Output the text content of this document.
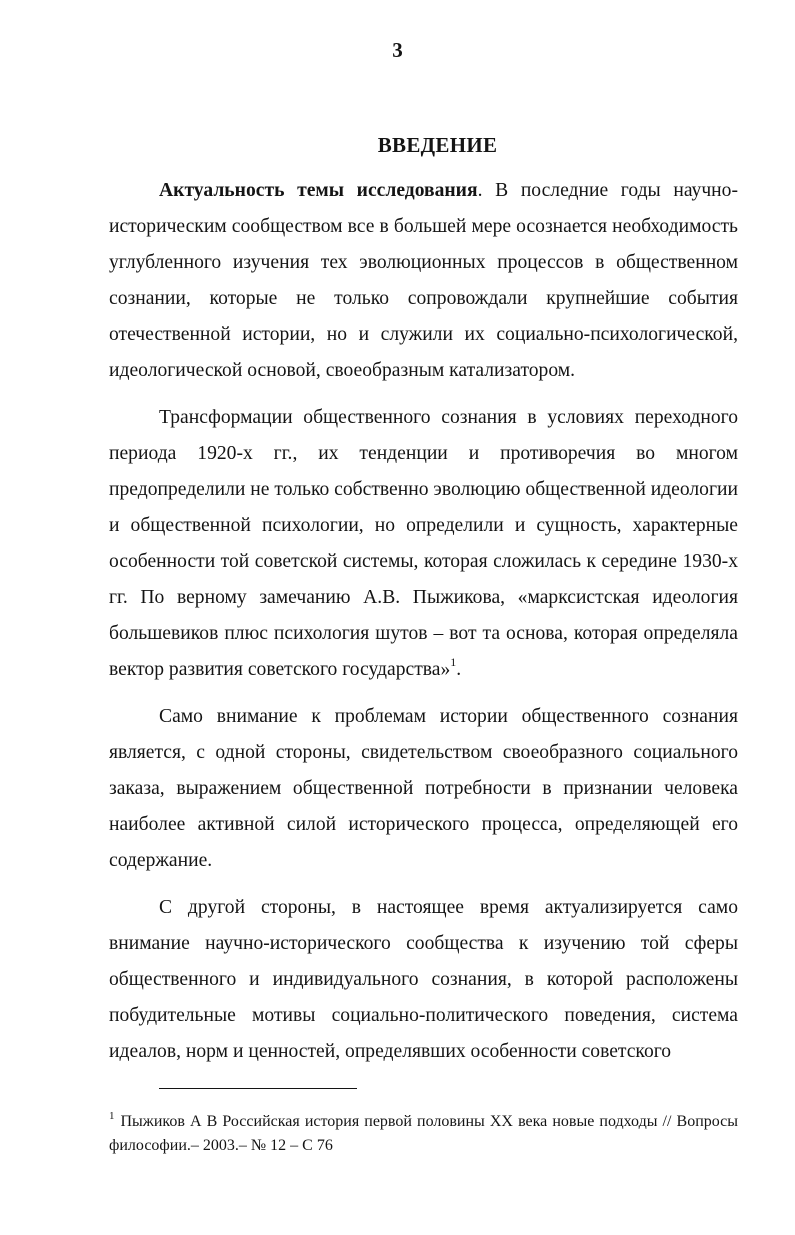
3
ВВЕДЕНИЕ

Актуальность темы исследования. В последние годы научно-историческим сообществом все в большей мере осознается необходимость углубленного изучения тех эволюционных процессов в общественном сознании, которые не только сопровождали крупнейшие события отечественной истории, но и служили их социально-психологической, идеологической основой, своеобразным катализатором.

Трансформации общественного сознания в условиях переходного периода 1920-х гг., их тенденции и противоречия во многом предопределили не только собственно эволюцию общественной идеологии и общественной психологии, но определили и сущность, характерные особенности той советской системы, которая сложилась к середине 1930-х гг. По верному замечанию А.В. Пыжикова, «марксистская идеология большевиков плюс психология шутов – вот та основа, которая определяла вектор развития советского государства»$^1$.

Само внимание к проблемам истории общественного сознания является, с одной стороны, свидетельством своеобразного социального заказа, выражением общественной потребности в признании человека наиболее активной силой исторического процесса, определяющей его содержание.

С другой стороны, в настоящее время актуализируется само внимание научно-исторического сообщества к изучению той сферы общественного и индивидуального сознания, в которой расположены побудительные мотивы социально-политического поведения, система идеалов, норм и ценностей, определявших особенности советского

$^1$ Пыжиков А В Российская история первой половины XX века новые подходы // Вопросы философии.– 2003.– № 12 – С 76
